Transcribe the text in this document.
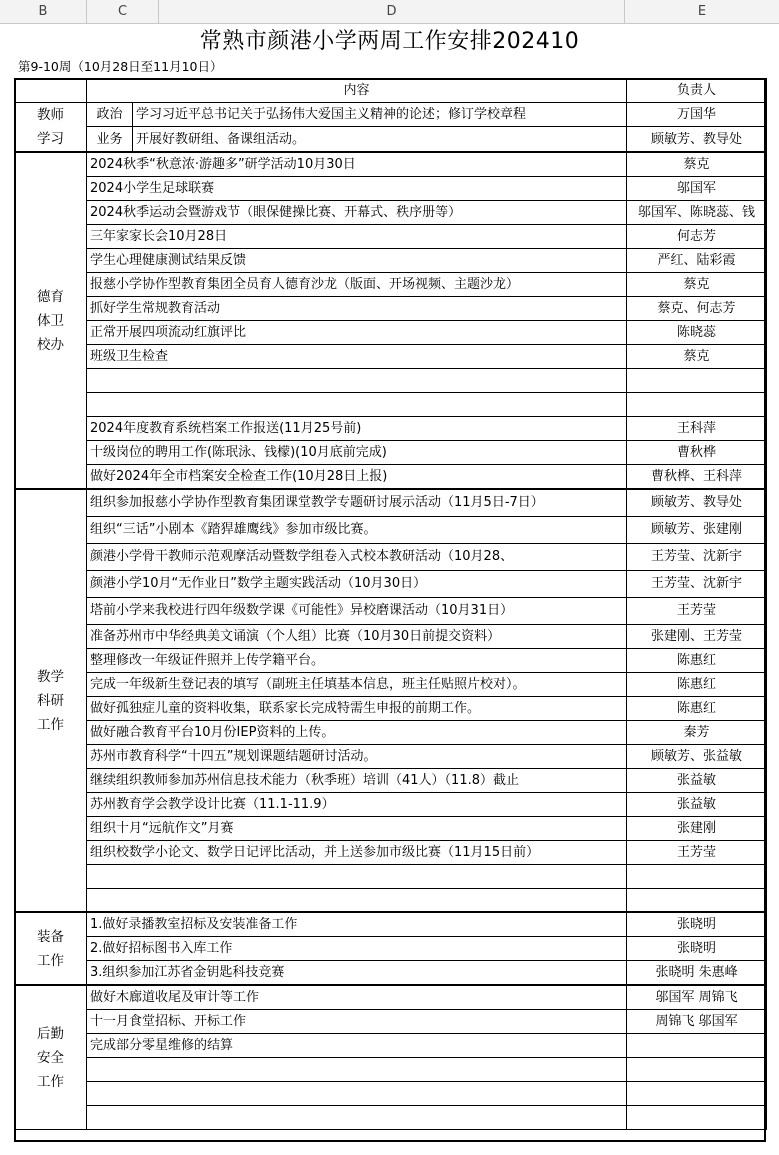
B	C	D	E
常熟市颜港小学两周工作安排202410
第9-10周（10月28日至11月10日）
	内容		负责人
教师
学习	政治	学习习近平总书记关于弘扬伟大爱国主义精神的论述；修订学校章程	万国华
	业务	开展好教研组、备课组活动。	顾敏芳、教导处
德育
体卫
校办	2024秋季“秋意浓·游趣多”研学活动10月30日		蔡克
	2024小学生足球联赛		邬国军
	2024秋季运动会暨游戏节（眼保健操比赛、开幕式、秩序册等）		邬国军、陈晓蕊、钱
	三年家家长会10月28日		何志芳
	学生心理健康测试结果反馈		严红、陆彩霞
	报慈小学协作型教育集团全员育人德育沙龙（版面、开场视频、主题沙龙）		蔡克
	抓好学生常规教育活动		蔡克、何志芳
	正常开展四项流动红旗评比		陈晓蕊
	班级卫生检查		蔡克

	2024年度教育系统档案工作报送(11月25号前)		王科萍
	十级岗位的聘用工作(陈珉泳、钱檬)(10月底前完成)		曹秋桦
	做好2024年全市档案安全检查工作(10月28日上报)		曹秋桦、王科萍
教学
科研
工作	组织参加报慈小学协作型教育集团课堂教学专题研讨展示活动（11月5日-7日）		顾敏芳、教导处
	组织“三话”小剧本《踏猂雄鹰线》参加市级比赛。		顾敏芳、张建刚
	颜港小学骨干教师示范观摩活动暨数学组卷入式校本教研活动（10月28、		王芳莹、沈新宇
	颜港小学10月“无作业日”数学主题实践活动（10月30日）		王芳莹、沈新宇
	塔前小学来我校进行四年级数学课《可能性》异校磨课活动（10月31日）		王芳莹
	准备苏州市中华经典美文诵演（个人组）比赛（10月30日前提交资料）		张建刚、王芳莹
	整理修改一年级证件照并上传学籍平台。		陈惠红
	完成一年级新生登记表的填写（副班主任填基本信息，班主任贴照片校对）。		陈惠红
	做好孤独症儿童的资料收集，联系家长完成特需生申报的前期工作。		陈惠红
	做好融合教育平台10月份IEP资料的上传。		秦芳
	苏州市教育科学“十四五”规划课题结题研讨活动。		顾敏芳、张益敏
	继续组织教师参加苏州信息技术能力（秋季班）培训（41人）（11.8）截止		张益敏
	苏州教育学会教学设计比赛（11.1-11.9）		张益敏
	组织十月“远航作文”月赛		张建刚
	组织校数学小论文、数学日记评比活动，并上送参加市级比赛（11月15日前）		王芳莹

装备
工作	1.做好录播教室招标及安装准备工作		张晓明
	2.做好招标图书入库工作		张晓明
	3.组织参加江苏省金钥匙科技竞赛		张晓明 朱惠峰
后勤
安全
工作	做好木廊道收尾及审计等工作		邬国军 周锦飞
	十一月食堂招标、开标工作		周锦飞 邬国军
	完成部分零星维修的结算		
